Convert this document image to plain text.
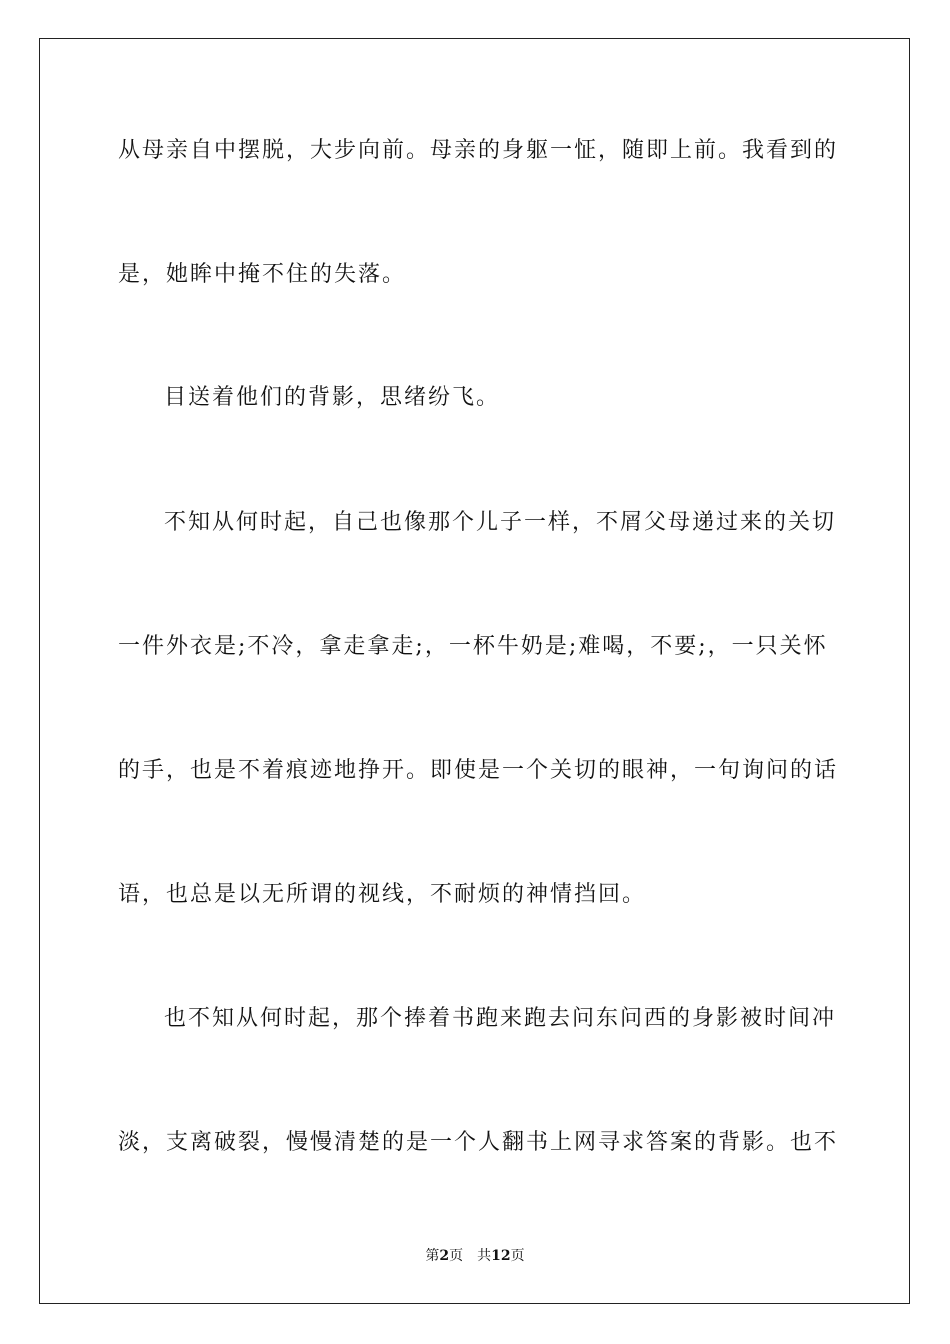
从母亲自中摆脱，大步向前。母亲的身躯一怔，随即上前。我看到的
是，她眸中掩不住的失落。
目送着他们的背影，思绪纷飞。
不知从何时起，自己也像那个儿子一样，不屑父母递过来的关切
一件外衣是;不冷，拿走拿走;，一杯牛奶是;难喝，不要;，一只关怀
的手，也是不着痕迹地挣开。即使是一个关切的眼神，一句询问的话
语，也总是以无所谓的视线，不耐烦的神情挡回。
也不知从何时起，那个捧着书跑来跑去问东问西的身影被时间冲
淡，支离破裂，慢慢清楚的是一个人翻书上网寻求答案的背影。也不
第2页 共12页
